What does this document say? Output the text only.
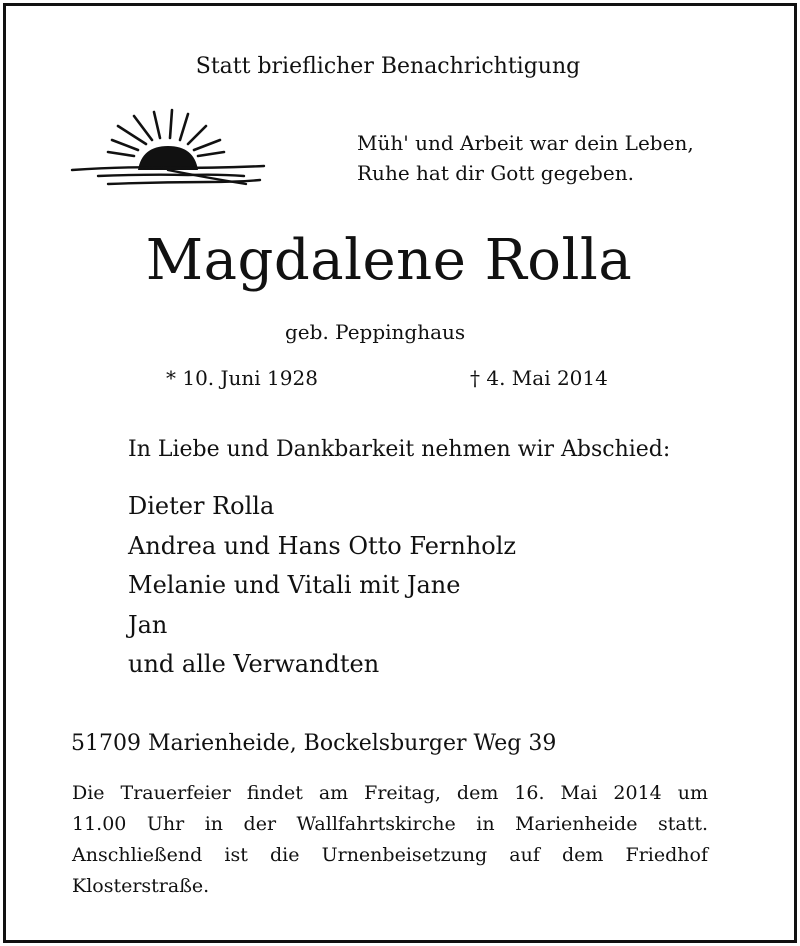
Statt brieflicher Benachrichtigung
Müh' und Arbeit war dein Leben,
Ruhe hat dir Gott gegeben.
Magdalene Rolla
geb. Peppinghaus
* 10. Juni 1928	† 4. Mai 2014
In Liebe und Dankbarkeit nehmen wir Abschied:
Dieter Rolla
Andrea und Hans Otto Fernholz
Melanie und Vitali mit Jane
Jan
und alle Verwandten
51709 Marienheide, Bockelsburger Weg 39
Die Trauerfeier findet am Freitag, dem 16. Mai 2014 um
11.00 Uhr in der Wallfahrtskirche in Marienheide statt.
Anschließend ist die Urnenbeisetzung auf dem Friedhof
Klosterstraße.
